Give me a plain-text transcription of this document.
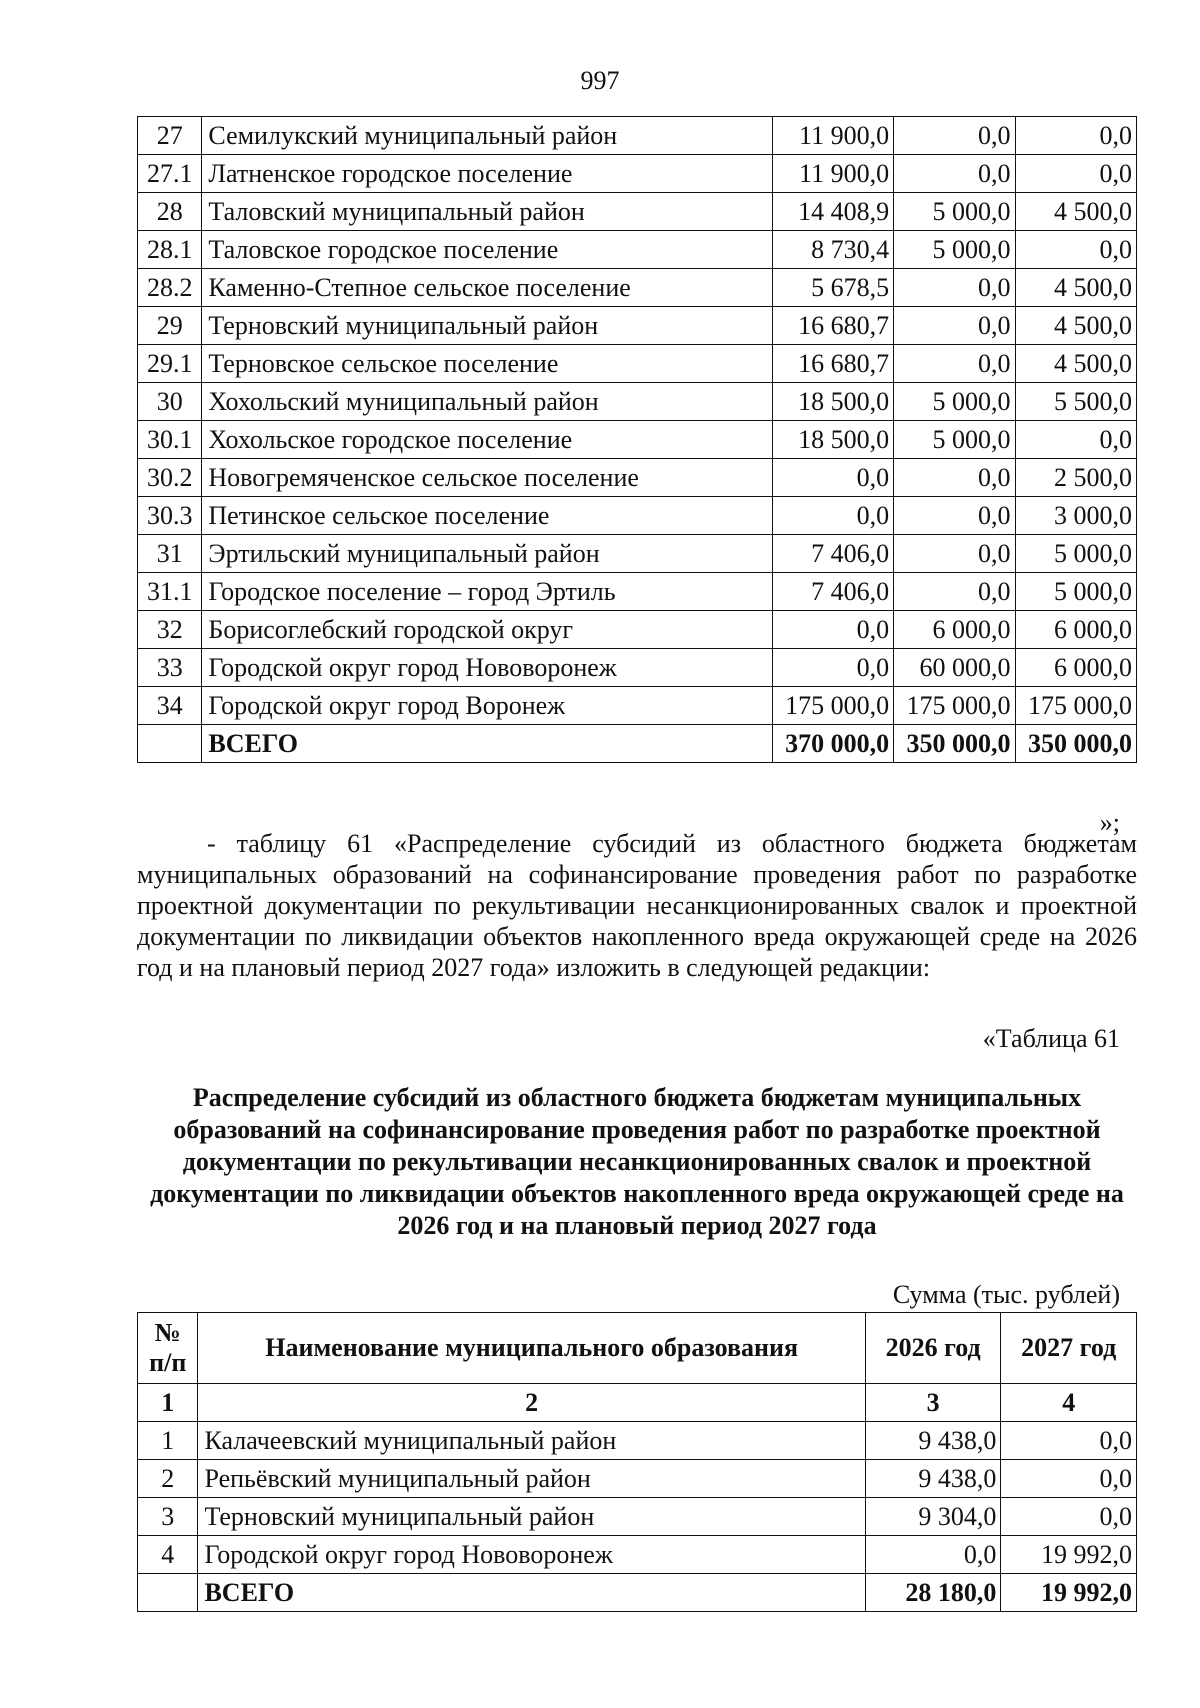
997
27	Семилукский муниципальный район	11 900,0	0,0	0,0
27.1	Латненское городское поселение	11 900,0	0,0	0,0
28	Таловский муниципальный район	14 408,9	5 000,0	4 500,0
28.1	Таловское городское поселение	8 730,4	5 000,0	0,0
28.2	Каменно-Степное сельское поселение	5 678,5	0,0	4 500,0
29	Терновский муниципальный район	16 680,7	0,0	4 500,0
29.1	Терновское сельское поселение	16 680,7	0,0	4 500,0
30	Хохольский муниципальный район	18 500,0	5 000,0	5 500,0
30.1	Хохольское городское поселение	18 500,0	5 000,0	0,0
30.2	Новогремяченское сельское поселение	0,0	0,0	2 500,0
30.3	Петинское сельское поселение	0,0	0,0	3 000,0
31	Эртильский муниципальный район	7 406,0	0,0	5 000,0
31.1	Городское поселение – город Эртиль	7 406,0	0,0	5 000,0
32	Борисоглебский городской округ	0,0	6 000,0	6 000,0
33	Городской округ город Нововоронеж	0,0	60 000,0	6 000,0
34	Городской округ город Воронеж	175 000,0	175 000,0	175 000,0
	ВСЕГО	370 000,0	350 000,0	350 000,0
»;
- таблицу 61 «Распределение субсидий из областного бюджета бюджетам муниципальных образований на софинансирование проведения работ по разработке проектной документации по рекультивации несанкционированных свалок и проектной документации по ликвидации объектов накопленного вреда окружающей среде на 2026 год и на плановый период 2027 года» изложить в следующей редакции:
«Таблица 61
Распределение субсидий из областного бюджета бюджетам муниципальных образований на софинансирование проведения работ по разработке проектной документации по рекультивации несанкционированных свалок и проектной документации по ликвидации объектов накопленного вреда окружающей среде на 2026 год и на плановый период 2027 года
Сумма (тыс. рублей)
№ п/п	Наименование муниципального образования	2026 год	2027 год
1	2	3	4
1	Калачеевский муниципальный район	9 438,0	0,0
2	Репьёвский муниципальный район	9 438,0	0,0
3	Терновский муниципальный район	9 304,0	0,0
4	Городской округ город Нововоронеж	0,0	19 992,0
	ВСЕГО	28 180,0	19 992,0
